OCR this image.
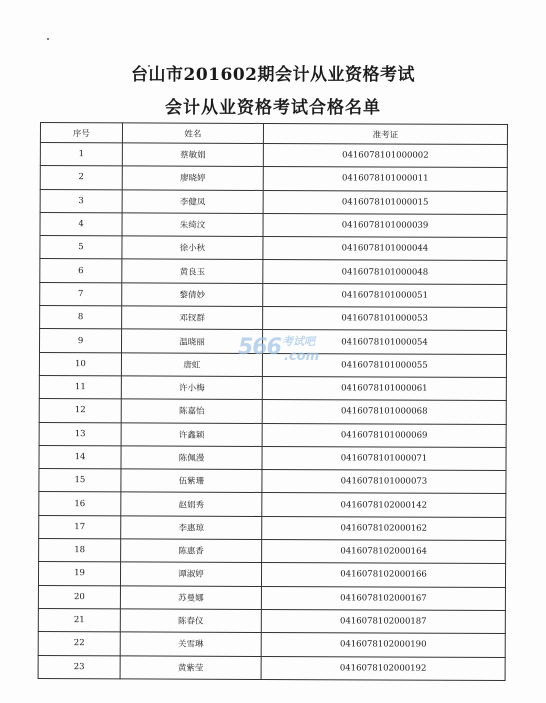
台山市201602期会计从业资格考试
会计从业资格考试合格名单
序号	姓名	准考证
1	蔡敏娟	0416078101000002
2	廖晓婷	0416078101000011
3	李健凤	0416078101000015
4	朱绮汶	0416078101000039
5	徐小秋	0416078101000044
6	黄良玉	0416078101000048
7	黎倩妙	0416078101000051
8	邓钗群	0416078101000053
9	温晓丽	0416078101000054
10	唐虹	0416078101000055
11	许小梅	0416078101000061
12	陈嘉怡	0416078101000068
13	许鑫颖	0416078101000069
14	陈佩漫	0416078101000071
15	伍紫珊	0416078101000073
16	赵娟秀	0416078102000142
17	李惠琼	0416078102000162
18	陈惠香	0416078102000164
19	谭淑婷	0416078102000166
20	苏曼娜	0416078102000167
21	陈春仪	0416078102000187
22	关雪琳	0416078102000190
23	黄紫莹	0416078102000192
566 考试吧
.com
